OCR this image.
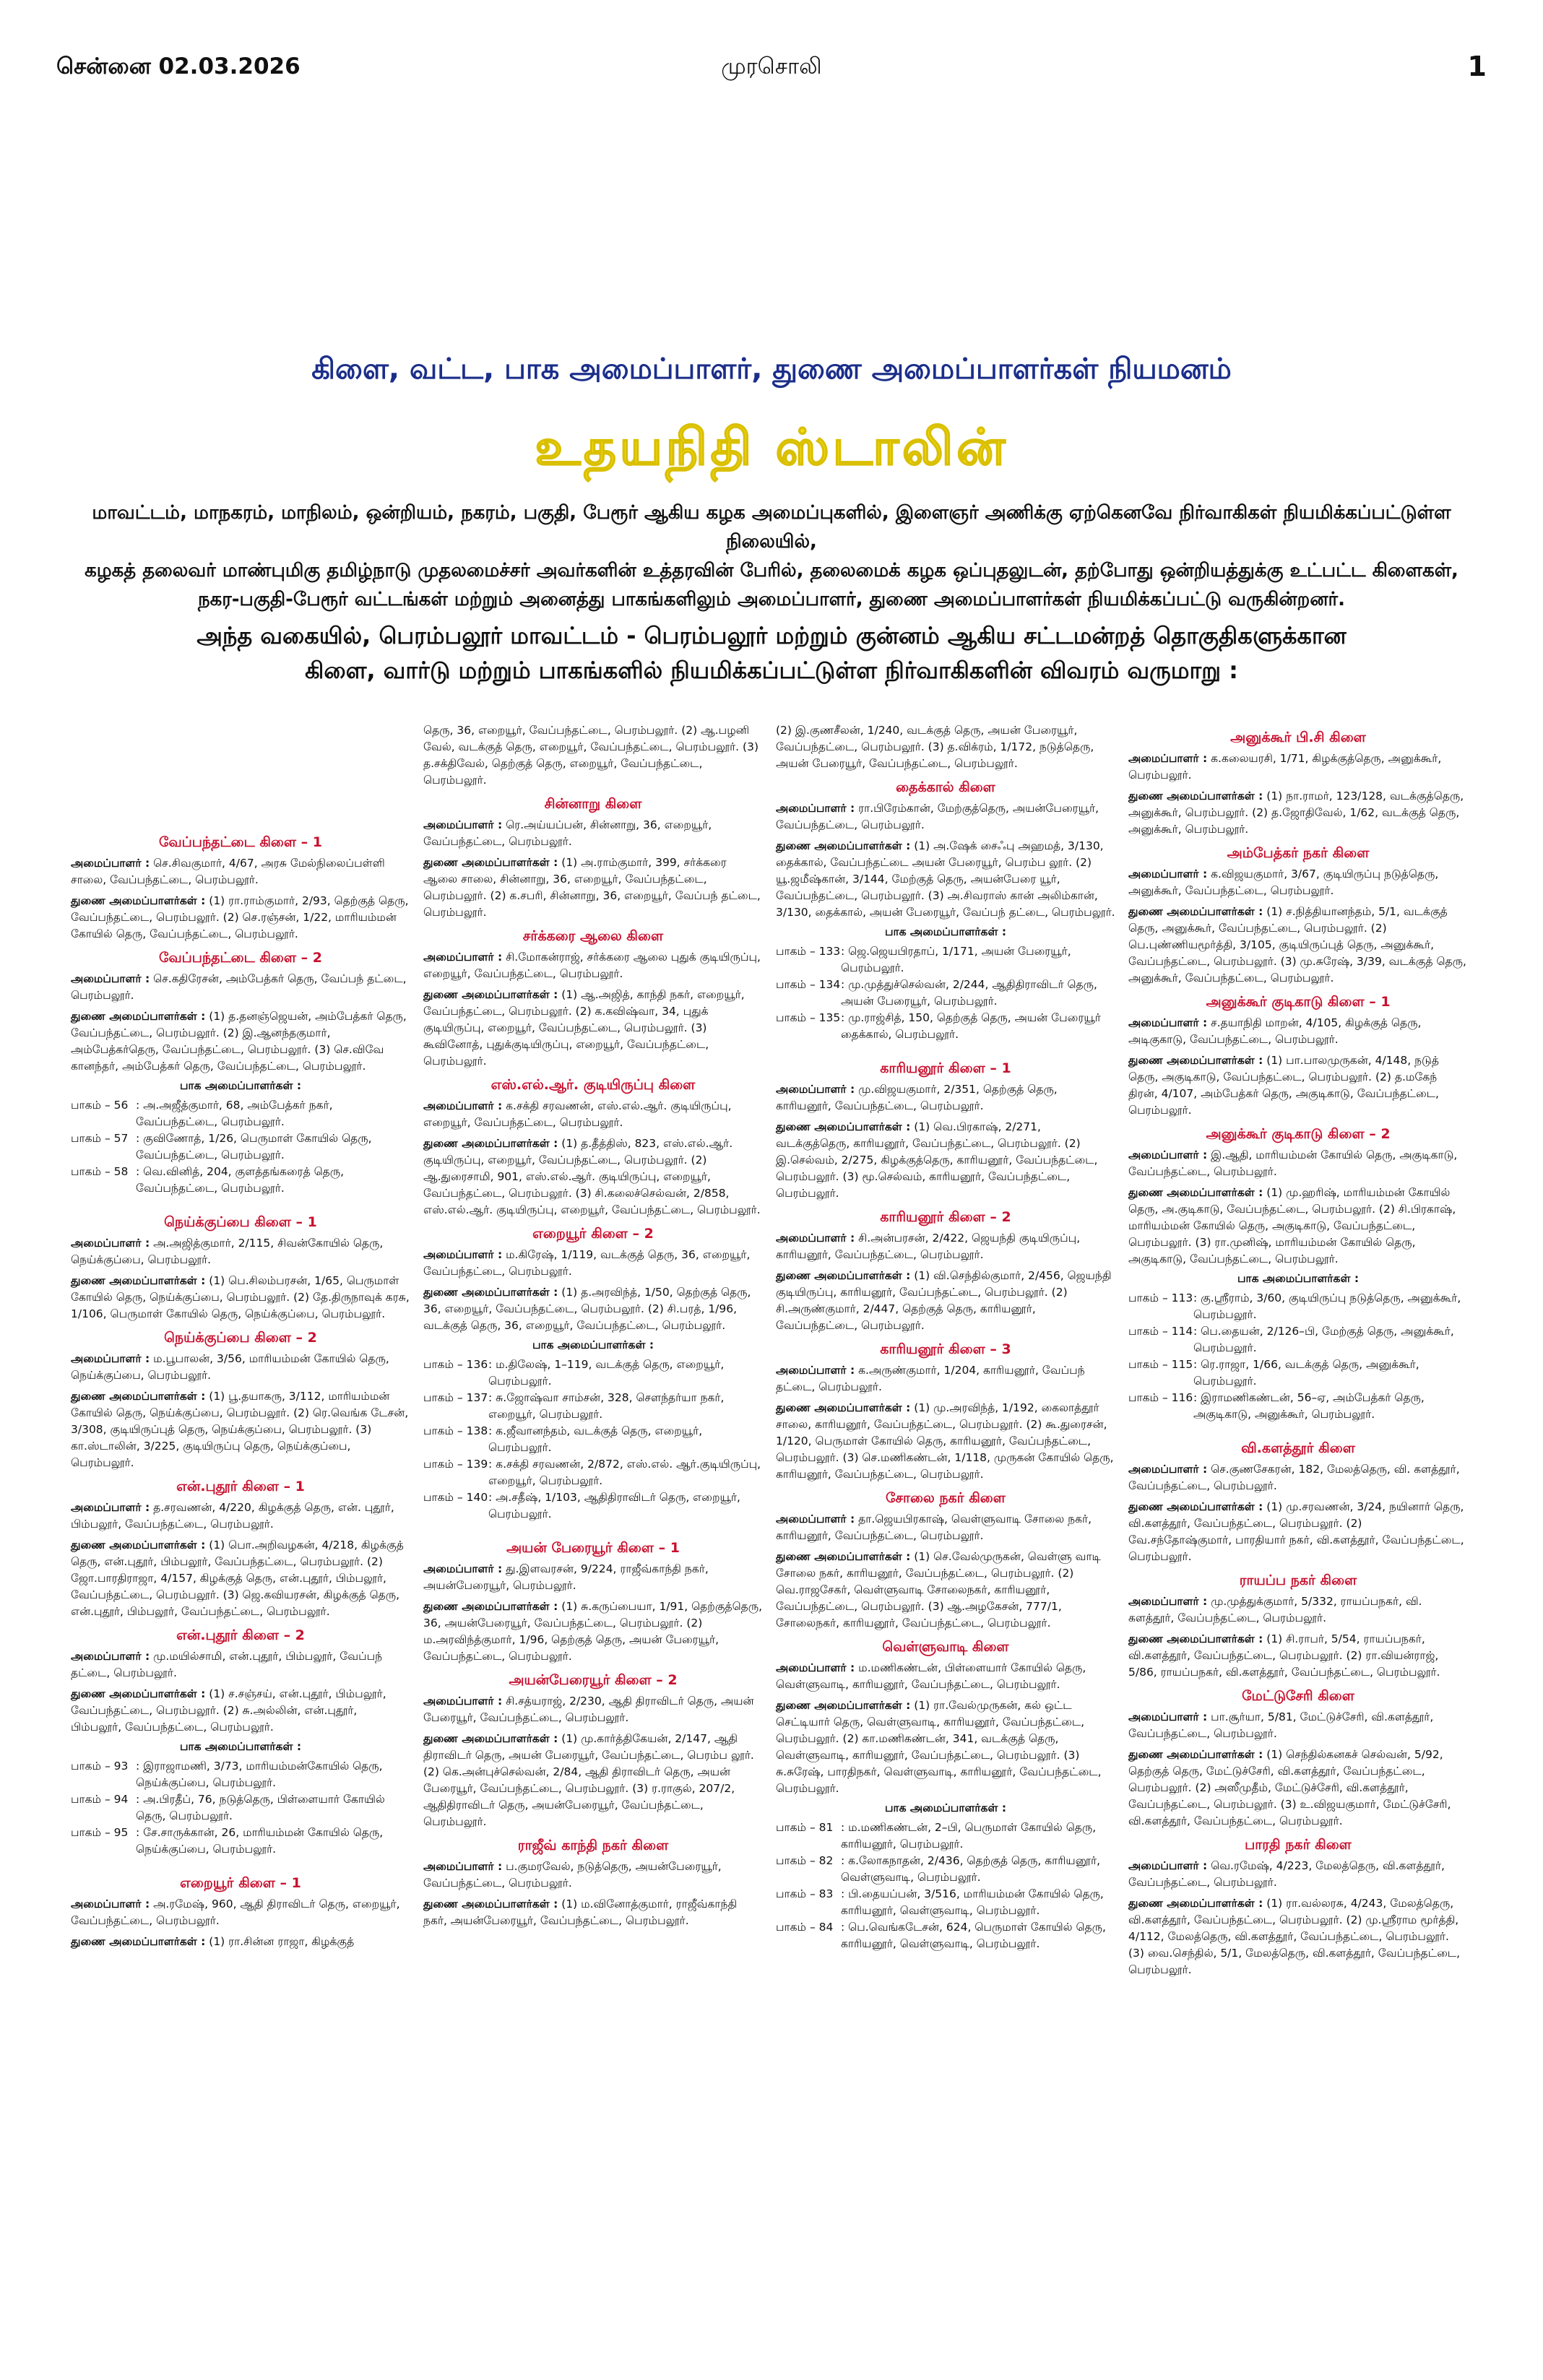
சென்னை 02.03.2026	முரசொலி	1
கிளை, வட்ட, பாக அமைப்பாளர், துணை அமைப்பாளர்கள் நியமனம்
உதயநிதி ஸ்டாலின்
மாவட்டம், மாநகரம், மாநிலம், ஒன்றியம், நகரம், பகுதி, பேரூர் ஆகிய கழக அமைப்புகளில், இளைஞர் அணிக்கு ஏற்கெனவே நிர்வாகிகள் நியமிக்கப்பட்டுள்ள நிலையில்,
கழகத் தலைவர் மாண்புமிகு தமிழ்நாடு முதலமைச்சர் அவர்களின் உத்தரவின் பேரில், தலைமைக் கழக ஒப்புதலுடன், தற்போது ஒன்றியத்துக்கு உட்பட்ட கிளைகள்,
நகர-பகுதி-பேரூர் வட்டங்கள் மற்றும் அனைத்து பாகங்களிலும் அமைப்பாளர், துணை அமைப்பாளர்கள் நியமிக்கப்பட்டு வருகின்றனர்.
அந்த வகையில், பெரம்பலூர் மாவட்டம் - பெரம்பலூர் மற்றும் குன்னம் ஆகிய சட்டமன்றத் தொகுதிகளுக்கான
கிளை, வார்டு மற்றும் பாகங்களில் நியமிக்கப்பட்டுள்ள நிர்வாகிகளின் விவரம் வருமாறு :
வேப்பந்தட்டை கிளை – 1

அமைப்பாளர் : செ.சிவகுமார், 4/67, அரசு மேல்நிலைப்பள்ளி சாலை, வேப்பந்தட்டை, பெரம்பலூர்.

துணை அமைப்பாளர்கள் : (1) ரா.ராம்குமார், 2/93, தெற்குத் தெரு, வேப்பந்தட்டை, பெரம்பலூர். (2) செ.ரஞ்சன், 1/22, மாரியம்மன் கோயில் தெரு, வேப்பந்தட்டை, பெரம்பலூர்.

வேப்பந்தட்டை கிளை – 2

அமைப்பாளர் : செ.கதிரேசன், அம்பேத்கர் தெரு, வேப்பந் தட்டை, பெரம்பலூர்.

துணை அமைப்பாளர்கள் : (1) த.தனஞ்ஜெயன், அம்பேத்கர் தெரு, வேப்பந்தட்டை, பெரம்பலூர். (2) இ.ஆனந்தகுமார், அம்பேத்கர்தெரு, வேப்பந்தட்டை, பெரம்பலூர். (3) செ.விவே கானந்தர், அம்பேத்கர் தெரு, வேப்பந்தட்டை, பெரம்பலூர்.

பாக அமைப்பாளர்கள் :
பாகம் – 56 : அ.அஜீத்குமார், 68, அம்பேத்கர் நகர், வேப்பந்தட்டை, பெரம்பலூர்.
பாகம் – 57 : குவிணோத், 1/26, பெருமாள் கோயில் தெரு, வேப்பந்தட்டை, பெரம்பலூர்.
பாகம் – 58 : வெ.வினித், 204, குளத்தங்கரைத் தெரு, வேப்பந்தட்டை, பெரம்பலூர்.
நெய்க்குப்பை கிளை – 1

அமைப்பாளர் : அ.அஜித்குமார், 2/115, சிவன்கோயில் தெரு, நெய்க்குப்பை, பெரம்பலூர்.

துணை அமைப்பாளர்கள் : (1) பெ.சிலம்பரசன், 1/65, பெருமாள் கோயில் தெரு, நெய்க்குப்பை, பெரம்பலூர். (2) தே.திருநாவுக் கரசு, 1/106, பெருமாள் கோயில் தெரு, நெய்க்குப்பை, பெரம்பலூர்.

நெய்க்குப்பை கிளை – 2

அமைப்பாளர் : ம.பூபாலன், 3/56, மாரியம்மன் கோயில் தெரு, நெய்க்குப்பை, பெரம்பலூர்.

துணை அமைப்பாளர்கள் : (1) பூ.தயாகரு, 3/112, மாரியம்மன் கோயில் தெரு, நெய்க்குப்பை, பெரம்பலூர். (2) ரெ.வெங்க டேசன், 3/308, குடியிருப்புத் தெரு, நெய்க்குப்பை, பெரம்பலூர். (3) கா.ஸ்டாலின், 3/225, குடியிருப்பு தெரு, நெய்க்குப்பை, பெரம்பலூர்.

என்.புதூர் கிளை – 1

அமைப்பாளர் : த.சரவணன், 4/220, கிழக்குத் தெரு, என். புதூர், பிம்பலூர், வேப்பந்தட்டை, பெரம்பலூர்.

துணை அமைப்பாளர்கள் : (1) பொ.அறிவழகன், 4/218, கிழக்குத் தெரு, என்.புதூர், பிம்பலூர், வேப்பந்தட்டை, பெரம்பலூர். (2) ஜோ.பாரதிராஜா, 4/157, கிழக்குத் தெரு, என்.புதூர், பிம்பலூர், வேப்பந்தட்டை, பெரம்பலூர். (3) ஜெ.கவியரசன், கிழக்குத் தெரு, என்.புதூர், பிம்பலூர், வேப்பந்தட்டை, பெரம்பலூர்.

என்.புதூர் கிளை – 2

அமைப்பாளர் : மு.மயில்சாமி, என்.புதூர், பிம்பலூர், வேப்பந் தட்டை, பெரம்பலூர்.

துணை அமைப்பாளர்கள் : (1) ச.சஞ்சய், என்.புதூர், பிம்பலூர், வேப்பந்தட்டை, பெரம்பலூர். (2) சு.அல்லின், என்.புதூர், பிம்பலூர், வேப்பந்தட்டை, பெரம்பலூர்.

பாக அமைப்பாளர்கள் :
பாகம் – 93 : இராஜாமணி, 3/73, மாரியம்மன்கோயில் தெரு, நெய்க்குப்பை, பெரம்பலூர்.
பாகம் – 94 : அ.பிரதீப், 76, நடுத்தெரு, பிள்ளையார் கோயில் தெரு, பெரம்பலூர்.
பாகம் – 95 : சே.சாருக்கான், 26, மாரியம்மன் கோயில் தெரு, நெய்க்குப்பை, பெரம்பலூர்.
எறையூர் கிளை – 1

அமைப்பாளர் : அ.ரமேஷ், 960, ஆதி திராவிடர் தெரு, எறையூர், வேப்பந்தட்டை, பெரம்பலூர்.

துணை அமைப்பாளர்கள் : (1) ரா.சின்ன ராஜா, கிழக்குத்

தெரு, 36, எறையூர், வேப்பந்தட்டை, பெரம்பலூர். (2) ஆ.பழனி வேல், வடக்குத் தெரு, எறையூர், வேப்பந்தட்டை, பெரம்பலூர். (3) த.சக்திவேல், தெற்குத் தெரு, எறையூர், வேப்பந்தட்டை, பெரம்பலூர்.

சின்னாறு கிளை

அமைப்பாளர் : ரெ.அய்யப்பன், சின்னாறு, 36, எறையூர், வேப்பந்தட்டை, பெரம்பலூர்.

துணை அமைப்பாளர்கள் : (1) அ.ராம்குமார், 399, சர்க்கரை ஆலை சாலை, சின்னாறு, 36, எறையூர், வேப்பந்தட்டை, பெரம்பலூர். (2) க.சபரி, சின்னாறு, 36, எறையூர், வேப்பந் தட்டை, பெரம்பலூர்.

சர்க்கரை ஆலை கிளை

அமைப்பாளர் : சி.மோகன்ராஜ், சர்க்கரை ஆலை புதுக் குடியிருப்பு, எறையூர், வேப்பந்தட்டை, பெரம்பலூர்.

துணை அமைப்பாளர்கள் : (1) ஆ.அஜித், காந்தி நகர், எறையூர், வேப்பந்தட்டை, பெரம்பலூர். (2) க.கவிஷ்வா, 34, புதுக் குடியிருப்பு, எறையூர், வேப்பந்தட்டை, பெரம்பலூர். (3) கூவினோத், புதுக்குடியிருப்பு, எறையூர், வேப்பந்தட்டை, பெரம்பலூர்.

எஸ்.எல்.ஆர். குடியிருப்பு கிளை

அமைப்பாளர் : க.சக்தி சரவணன், எஸ்.எல்.ஆர். குடியிருப்பு, எறையூர், வேப்பந்தட்டை, பெரம்பலூர்.

துணை அமைப்பாளர்கள் : (1) த.தீத்திஸ், 823, எஸ்.எல்.ஆர். குடியிருப்பு, எறையூர், வேப்பந்தட்டை, பெரம்பலூர். (2) ஆ.துரைசாமி, 901, எஸ்.எல்.ஆர். குடியிருப்பு, எறையூர், வேப்பந்தட்டை, பெரம்பலூர். (3) சி.கலைச்செல்வன், 2/858, எஸ்.எல்.ஆர். குடியிருப்பு, எறையூர், வேப்பந்தட்டை, பெரம்பலூர்.

எறையூர் கிளை – 2

அமைப்பாளர் : ம.கிரேஷ், 1/119, வடக்குத் தெரு, 36, எறையூர், வேப்பந்தட்டை, பெரம்பலூர்.

துணை அமைப்பாளர்கள் : (1) த.அரவிந்த், 1/50, தெற்குத் தெரு, 36, எறையூர், வேப்பந்தட்டை, பெரம்பலூர். (2) சி.பரத், 1/96, வடக்குத் தெரு, 36, எறையூர், வேப்பந்தட்டை, பெரம்பலூர்.

பாக அமைப்பாளர்கள் :
பாகம் – 136 : ம.திலேஷ், 1–119, வடக்குத் தெரு, எறையூர், பெரம்பலூர்.
பாகம் – 137 : சு.ஜோஷ்வா சாம்சன், 328, சௌந்தர்யா நகர், எறையூர், பெரம்பலூர்.
பாகம் – 138 : க.ஜீவானந்தம், வடக்குத் தெரு, எறையூர், பெரம்பலூர்.
பாகம் – 139 : க.சக்தி சரவணன், 2/872, எஸ்.எல். ஆர்.குடியிருப்பு, எறையூர், பெரம்பலூர்.
பாகம் – 140 : அ.சதீஷ், 1/103, ஆதிதிராவிடர் தெரு, எறையூர், பெரம்பலூர்.
அயன் பேரையூர் கிளை – 1

அமைப்பாளர் : து.இளவரசன், 9/224, ராஜீவ்காந்தி நகர், அயன்பேரையூர், பெரம்பலூர்.

துணை அமைப்பாளர்கள் : (1) சு.கருப்பையா, 1/91, தெற்குத்தெரு, 36, அயன்பேரையூர், வேப்பந்தட்டை, பெரம்பலூர். (2) ம.அரவிந்த்குமார், 1/96, தெற்குத் தெரு, அயன் பேரையூர், வேப்பந்தட்டை, பெரம்பலூர்.

அயன்பேரையூர் கிளை – 2

அமைப்பாளர் : சி.சத்யராஜ், 2/230, ஆதி திராவிடர் தெரு, அயன் பேரையூர், வேப்பந்தட்டை, பெரம்பலூர்.

துணை அமைப்பாளர்கள் : (1) மு.கார்த்திகேயன், 2/147, ஆதி திராவிடர் தெரு, அயன் பேரையூர், வேப்பந்தட்டை, பெரம்ப லூர். (2) கெ.அன்புச்செல்வன், 2/84, ஆதி திராவிடர் தெரு, அயன் பேரையூர், வேப்பந்தட்டை, பெரம்பலூர். (3) ர.ராகுல், 207/2, ஆதிதிராவிடர் தெரு, அயன்பேரையூர், வேப்பந்தட்டை, பெரம்பலூர்.

ராஜீவ் காந்தி நகர் கிளை

அமைப்பாளர் : ப.குமரவேல், நடுத்தெரு, அயன்பேரையூர், வேப்பந்தட்டை, பெரம்பலூர்.

துணை அமைப்பாளர்கள் : (1) ம.வினோத்குமார், ராஜீவ்காந்தி நகர், அயன்பேரையூர், வேப்பந்தட்டை, பெரம்பலூர்.

(2) இ.குணசீலன், 1/240, வடக்குத் தெரு, அயன் பேரையூர், வேப்பந்தட்டை, பெரம்பலூர். (3) த.விக்ரம், 1/172, நடுத்தெரு, அயன் பேரையூர், வேப்பந்தட்டை, பெரம்பலூர்.

தைக்கால் கிளை

அமைப்பாளர் : ரா.பிரேம்கான், மேற்குத்தெரு, அயன்பேரையூர், வேப்பந்தட்டை, பெரம்பலூர்.

துணை அமைப்பாளர்கள் : (1) அ.ஷேக் சைஃபு அஹமத், 3/130, தைக்கால், வேப்பந்தட்டை அயன் பேரையூர், பெரம்ப லூர். (2) யூ.ஜமீஷ்கான், 3/144, மேற்குத் தெரு, அயன்பேரை யூர், வேப்பந்தட்டை, பெரம்பலூர். (3) அ.சிவராஸ் கான் அலிம்கான், 3/130, தைக்கால், அயன் பேரையூர், வேப்பந் தட்டை, பெரம்பலூர்.

பாக அமைப்பாளர்கள் :
பாகம் – 133 : ஜெ.ஜெயபிரதாப், 1/171, அயன் பேரையூர், பெரம்பலூர்.
பாகம் – 134 : மு.முத்துச்செல்வன், 2/244, ஆதிதிராவிடர் தெரு, அயன் பேரையூர், பெரம்பலூர்.
பாகம் – 135 : மு.ராஜ்சித், 150, தெற்குத் தெரு, அயன் பேரையூர் தைக்கால், பெரம்பலூர்.
காரியனூர் கிளை – 1

அமைப்பாளர் : மு.விஜயகுமார், 2/351, தெற்குத் தெரு, காரியனூர், வேப்பந்தட்டை, பெரம்பலூர்.

துணை அமைப்பாளர்கள் : (1) வெ.பிரகாஷ், 2/271, வடக்குத்தெரு, காரியனூர், வேப்பந்தட்டை, பெரம்பலூர். (2) இ.செல்வம், 2/275, கிழக்குத்தெரு, காரியனூர், வேப்பந்தட்டை, பெரம்பலூர். (3) மூ.செல்வம், காரியனூர், வேப்பந்தட்டை, பெரம்பலூர்.

காரியனூர் கிளை – 2

அமைப்பாளர் : சி.அன்பரசன், 2/422, ஜெயந்தி குடியிருப்பு, காரியனூர், வேப்பந்தட்டை, பெரம்பலூர்.

துணை அமைப்பாளர்கள் : (1) வி.செந்தில்குமார், 2/456, ஜெயந்தி குடியிருப்பு, காரியனூர், வேப்பந்தட்டை, பெரம்பலூர். (2) சி.அருண்குமார், 2/447, தெற்குத் தெரு, காரியனூர், வேப்பந்தட்டை, பெரம்பலூர்.

காரியனூர் கிளை – 3

அமைப்பாளர் : க.அருண்குமார், 1/204, காரியனூர், வேப்பந் தட்டை, பெரம்பலூர்.

துணை அமைப்பாளர்கள் : (1) மு.அரவிந்த், 1/192, கைலாத்தூர் சாலை, காரியனூர், வேப்பந்தட்டை, பெரம்பலூர். (2) கூ.துரைசன், 1/120, பெருமாள் கோயில் தெரு, காரியனூர், வேப்பந்தட்டை, பெரம்பலூர். (3) செ.மணிகண்டன், 1/118, முருகன் கோயில் தெரு, காரியனூர், வேப்பந்தட்டை, பெரம்பலூர்.

சோலை நகர் கிளை

அமைப்பாளர் : தா.ஜெயபிரகாஷ், வெள்ளுவாடி சோலை நகர், காரியனூர், வேப்பந்தட்டை, பெரம்பலூர்.

துணை அமைப்பாளர்கள் : (1) செ.வேல்முருகன், வெள்ளு வாடி சோலை நகர், காரியனூர், வேப்பந்தட்டை, பெரம்பலூர். (2) வெ.ராஜசேகர், வெள்ளுவாடி சோலைநகர், காரியனூர், வேப்பந்தட்டை, பெரம்பலூர். (3) ஆ.அழகேசன், 777/1, சோலைநகர், காரியனூர், வேப்பந்தட்டை, பெரம்பலூர்.

வெள்ளுவாடி கிளை

அமைப்பாளர் : ம.மணிகண்டன், பிள்ளையார் கோயில் தெரு, வெள்ளுவாடி, காரியனூர், வேப்பந்தட்டை, பெரம்பலூர்.

துணை அமைப்பாளர்கள் : (1) ரா.வேல்முருகன், கல் ஒட்ட செட்டியார் தெரு, வெள்ளுவாடி, காரியனூர், வேப்பந்தட்டை, பெரம்பலூர். (2) கா.மணிகண்டன், 341, வடக்குத் தெரு, வெள்ளுவாடி, காரியனூர், வேப்பந்தட்டை, பெரம்பலூர். (3) சு.சுரேஷ், பாரதிநகர், வெள்ளுவாடி, காரியனூர், வேப்பந்தட்டை, பெரம்பலூர்.

பாக அமைப்பாளர்கள் :
பாகம் – 81 : ம.மணிகண்டன், 2–பி, பெருமாள் கோயில் தெரு, காரியனூர், பெரம்பலூர்.
பாகம் – 82 : க.லோகநாதன், 2/436, தெற்குத் தெரு, காரியனூர், வெள்ளுவாடி, பெரம்பலூர்.
பாகம் – 83 : பி.தையப்பன், 3/516, மாரியம்மன் கோயில் தெரு, காரியனூர், வெள்ளுவாடி, பெரம்பலூர்.
பாகம் – 84 : பெ.வெங்கடேசன், 624, பெருமாள் கோயில் தெரு, காரியனூர், வெள்ளுவாடி, பெரம்பலூர்.
அனுக்கூர் பி.சி கிளை

அமைப்பாளர் : க.கலையரசி, 1/71, கிழக்குத்தெரு, அனுக்கூர், பெரம்பலூர்.

துணை அமைப்பாளர்கள் : (1) நா.ராமர், 123/128, வடக்குத்தெரு, அனுக்கூர், பெரம்பலூர். (2) த.ஜோதிவேல், 1/62, வடக்குத் தெரு, அனுக்கூர், பெரம்பலூர்.

அம்பேத்கர் நகர் கிளை

அமைப்பாளர் : க.விஜயகுமார், 3/67, குடியிருப்பு நடுத்தெரு, அனுக்கூர், வேப்பந்தட்டை, பெரம்பலூர்.

துணை அமைப்பாளர்கள் : (1) ச.நித்தியானந்தம், 5/1, வடக்குத் தெரு, அனுக்கூர், வேப்பந்தட்டை, பெரம்பலூர். (2) பெ.புண்ணியமூர்த்தி, 3/105, குடியிருப்புத் தெரு, அனுக்கூர், வேப்பந்தட்டை, பெரம்பலூர். (3) மு.சுரேஷ், 3/39, வடக்குத் தெரு, அனுக்கூர், வேப்பந்தட்டை, பெரம்பலூர்.

அனுக்கூர் குடிகாடு கிளை – 1

அமைப்பாளர் : ச.தயாநிதி மாறன், 4/105, கிழக்குத் தெரு, அடிகுகாடு, வேப்பந்தட்டை, பெரம்பலூர்.

துணை அமைப்பாளர்கள் : (1) பா.பாலமுருகன், 4/148, நடுத் தெரு, அகுடிகாடு, வேப்பந்தட்டை, பெரம்பலூர். (2) த.மகேந் திரன், 4/107, அம்பேத்கர் தெரு, அகுடிகாடு, வேப்பந்தட்டை, பெரம்பலூர்.

அனுக்கூர் குடிகாடு கிளை – 2

அமைப்பாளர் : இ.ஆதி, மாரியம்மன் கோயில் தெரு, அகுடிகாடு, வேப்பந்தட்டை, பெரம்பலூர்.

துணை அமைப்பாளர்கள் : (1) மு.ஹரிஷ், மாரியம்மன் கோயில் தெரு, அ.குடிகாடு, வேப்பந்தட்டை, பெரம்பலூர். (2) சி.பிரகாஷ், மாரியம்மன் கோயில் தெரு, அகுடிகாடு, வேப்பந்தட்டை, பெரம்பலூர். (3) ரா.முனிஷ், மாரியம்மன் கோயில் தெரு, அகுடிகாடு, வேப்பந்தட்டை, பெரம்பலூர்.

பாக அமைப்பாளர்கள் :
பாகம் – 113 : கு.ஸ்ரீராம், 3/60, குடியிருப்பு நடுத்தெரு, அனுக்கூர், பெரம்பலூர்.
பாகம் – 114 : பெ.தையன், 2/126–பி, மேற்குத் தெரு, அனுக்கூர், பெரம்பலூர்.
பாகம் – 115 : ரெ.ராஜா, 1/66, வடக்குத் தெரு, அனுக்கூர், பெரம்பலூர்.
பாகம் – 116 : இராமணிகண்டன், 56–ஏ, அம்பேத்கர் தெரு, அகுடிகாடு, அனுக்கூர், பெரம்பலூர்.
வி.களத்தூர் கிளை

அமைப்பாளர் : செ.குணசேகரன், 182, மேலத்தெரு, வி. களத்தூர், வேப்பந்தட்டை, பெரம்பலூர்.

துணை அமைப்பாளர்கள் : (1) மு.சரவணன், 3/24, நயினார் தெரு, வி.களத்தூர், வேப்பந்தட்டை, பெரம்பலூர். (2) வே.சந்தோஷ்குமார், பாரதியார் நகர், வி.களத்தூர், வேப்பந்தட்டை, பெரம்பலூர்.

ராயப்ப நகர் கிளை

அமைப்பாளர் : மு.முத்துக்குமார், 5/332, ராயப்பநகர், வி. களத்தூர், வேப்பந்தட்டை, பெரம்பலூர்.

துணை அமைப்பாளர்கள் : (1) சி.ராபர், 5/54, ராயப்பநகர், வி.களத்தூர், வேப்பந்தட்டை, பெரம்பலூர். (2) ரா.வியன்ராஜ், 5/86, ராயப்பநகர், வி.களத்தூர், வேப்பந்தட்டை, பெரம்பலூர்.

மேட்டுசேரி கிளை

அமைப்பாளர் : பா.சூர்யா, 5/81, மேட்டுச்சேரி, வி.களத்தூர், வேப்பந்தட்டை, பெரம்பலூர்.

துணை அமைப்பாளர்கள் : (1) செந்தில்கனகச் செல்வன், 5/92, தெற்குத் தெரு, மேட்டுச்சேரி, வி.களத்தூர், வேப்பந்தட்டை, பெரம்பலூர். (2) அஸீமுதீம், மேட்டுச்சேரி, வி.களத்தூர், வேப்பந்தட்டை, பெரம்பலூர். (3) உ.விஜயகுமார், மேட்டுச்சேரி, வி.களத்தூர், வேப்பந்தட்டை, பெரம்பலூர்.

பாரதி நகர் கிளை

அமைப்பாளர் : வெ.ரமேஷ், 4/223, மேலத்தெரு, வி.களத்தூர், வேப்பந்தட்டை, பெரம்பலூர்.

துணை அமைப்பாளர்கள் : (1) ரா.வல்லரசு, 4/243, மேலத்தெரு, வி.களத்தூர், வேப்பந்தட்டை, பெரம்பலூர். (2) மு.ஸ்ரீராம மூர்த்தி, 4/112, மேலத்தெரு, வி.களத்தூர், வேப்பந்தட்டை, பெரம்பலூர். (3) வை.செந்தில், 5/1, மேலத்தெரு, வி.களத்தூர், வேப்பந்தட்டை, பெரம்பலூர்.
